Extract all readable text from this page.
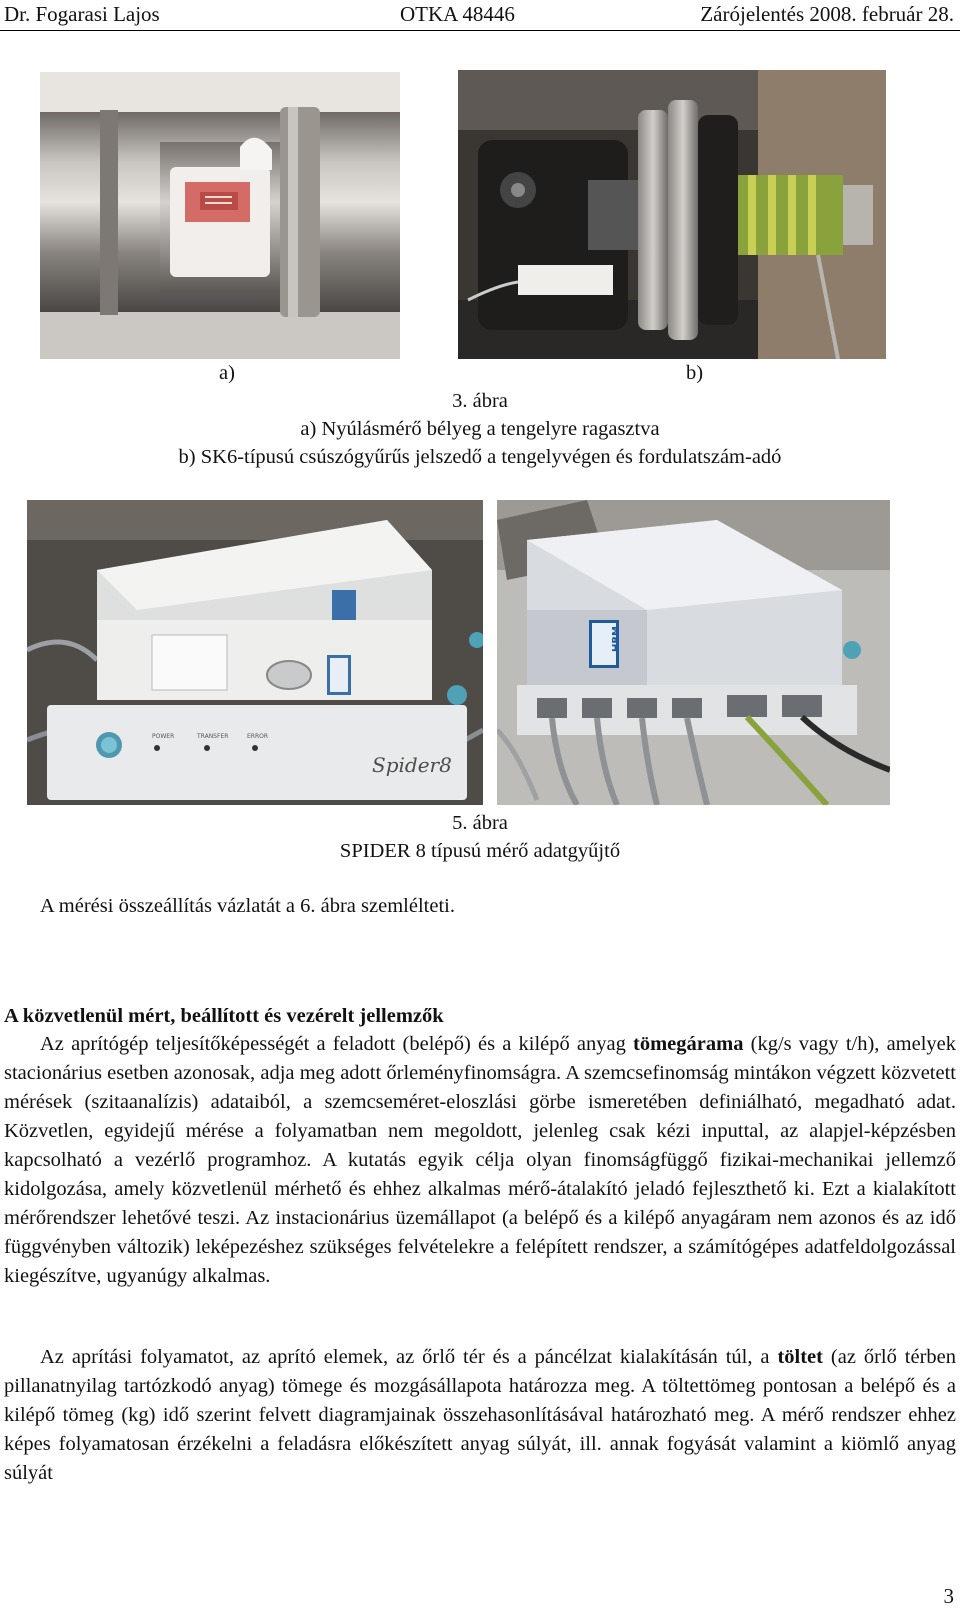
Dr. Fogarasi Lajos	OTKA 48446	Zárójelentés 2008. február 28.
a)	b)
3. ábra
a) Nyúlásmérő bélyeg a tengelyre ragasztva
b) SK6-típusú csúszógyűrűs jelszedő a tengelyvégen és fordulatszám-adó
POWER	TRANSFER	ERROR
Spider8
HBM
5. ábra
SPIDER 8 típusú mérő adatgyűjtő
A mérési összeállítás vázlatát a 6. ábra szemlélteti.
A közvetlenül mért, beállított és vezérelt jellemzők

Az aprítógép teljesítőképességét a feladott (belépő) és a kilépő anyag tömegárama (kg/s vagy t/h), amelyek stacionárius esetben azonosak, adja meg adott őrleményfinomságra. A szemcsefinomság mintákon végzett közvetett mérések (szitaanalízis) adataiból, a szemcseméret-eloszlási görbe ismeretében definiálható, megadható adat. Közvetlen, egyidejű mérése a folyamatban nem megoldott, jelenleg csak kézi inputtal, az alapjel-képzésben kapcsolható a vezérlő programhoz. A kutatás egyik célja olyan finomságfüggő fizikai-mechanikai jellemző kidolgozása, amely közvetlenül mérhető és ehhez alkalmas mérő-átalakító jeladó fejleszthető ki. Ezt a kialakított mérőrendszer lehetővé teszi. Az instacionárius üzemállapot (a belépő és a kilépő anyagáram nem azonos és az idő függvényben változik) leképezéshez szükséges felvételekre a felépített rendszer, a számítógépes adatfeldolgozással kiegészítve, ugyanúgy alkalmas.

Az aprítási folyamatot, az aprító elemek, az őrlő tér és a páncélzat kialakításán túl, a töltet (az őrlő térben pillanatnyilag tartózkodó anyag) tömege és mozgásállapota határozza meg. A töltettömeg pontosan a belépő és a kilépő tömeg (kg) idő szerint felvett diagramjainak összehasonlításával határozható meg. A mérő rendszer ehhez képes folyamatosan érzékelni a feladásra előkészített anyag súlyát, ill. annak fogyását valamint a kiömlő anyag súlyát

3
